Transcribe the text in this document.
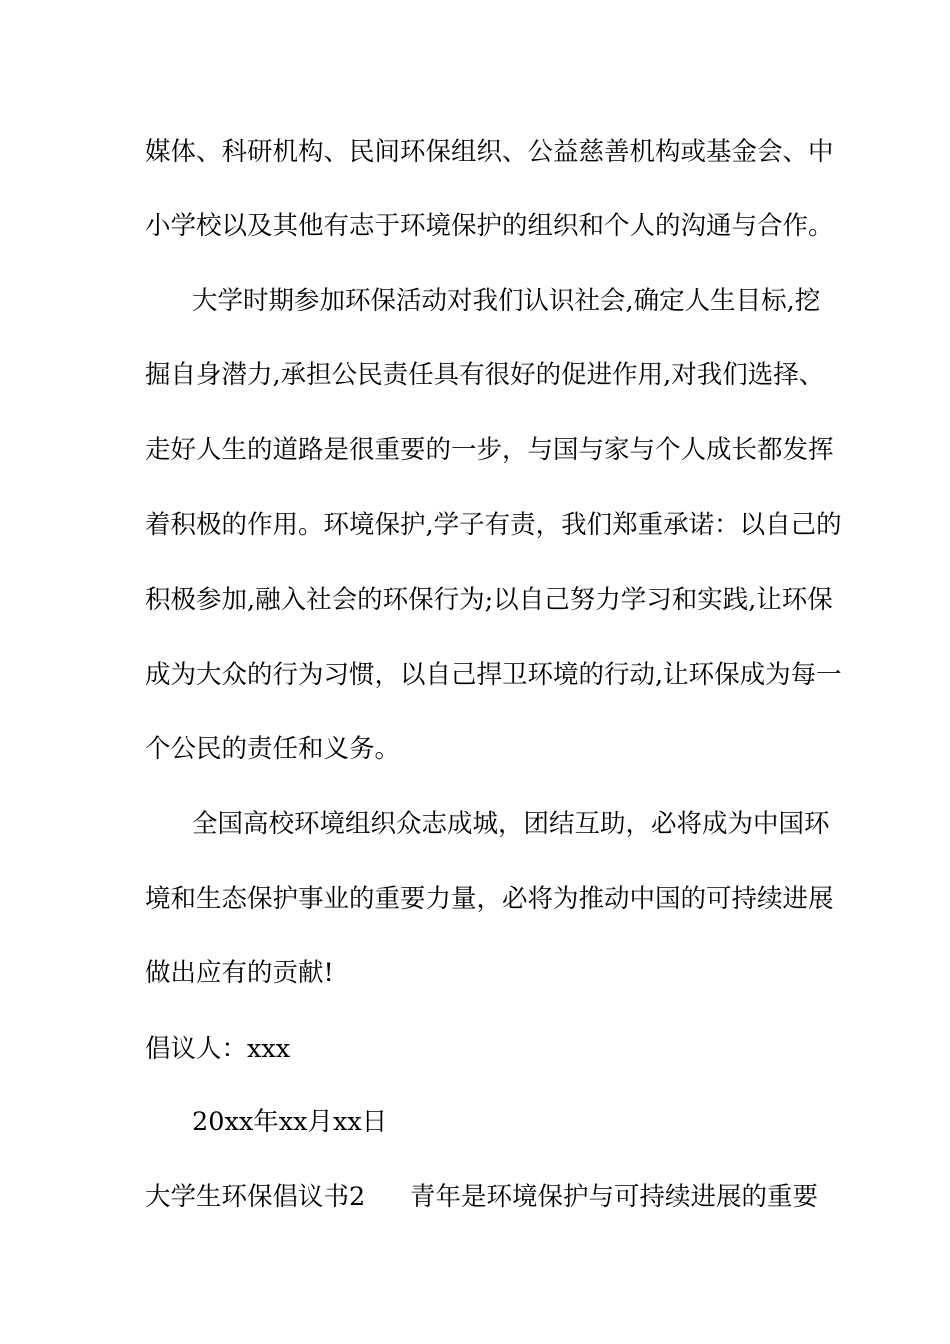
媒体、科研机构、民间环保组织、公益慈善机构或基金会、中
小学校以及其他有志于环境保护的组织和个人的沟通与合作。
大学时期参加环保活动对我们认识社会,确定人生目标,挖
掘自身潜力,承担公民责任具有很好的促进作用,对我们选择、
走好人生的道路是很重要的一步，与国与家与个人成长都发挥
着积极的作用。环境保护,学子有责，我们郑重承诺：以自己的
积极参加,融入社会的环保行为;以自己努力学习和实践,让环保
成为大众的行为习惯，以自己捍卫环境的行动,让环保成为每一
个公民的责任和义务。
全国高校环境组织众志成城，团结互助，必将成为中国环
境和生态保护事业的重要力量，必将为推动中国的可持续进展
做出应有的贡献!
倡议人：xxx
20xx年xx月xx日
大学生环保倡议书2 青年是环境保护与可持续进展的重要
